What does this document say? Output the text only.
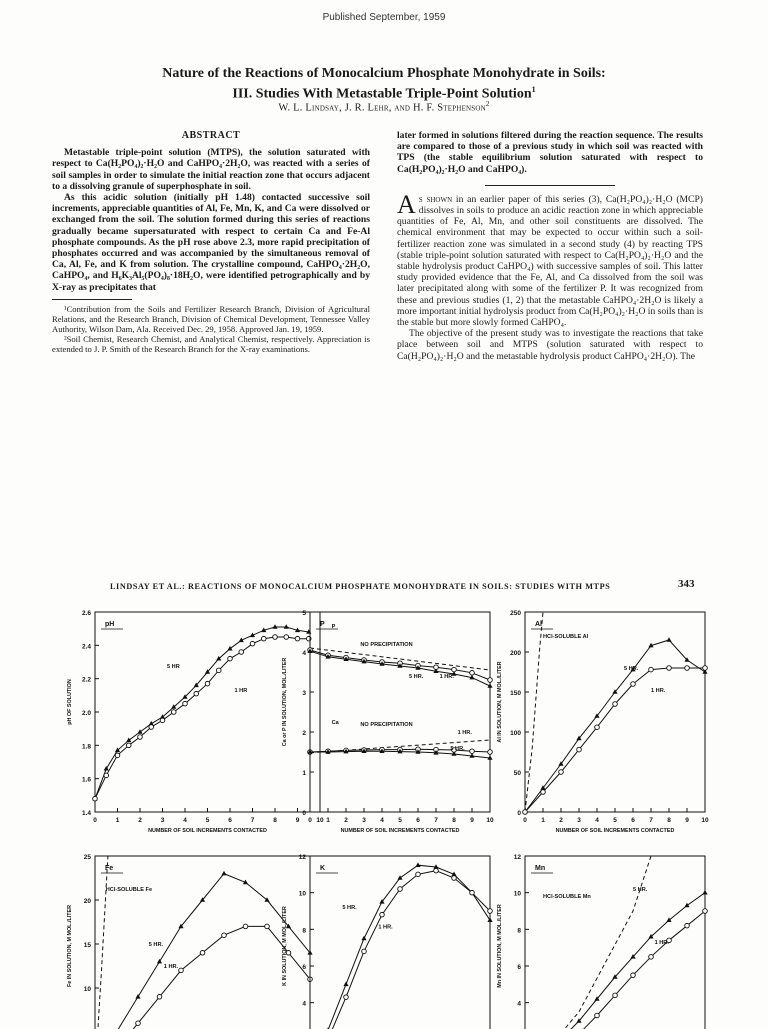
Published September, 1959
Nature of the Reactions of Monocalcium Phosphate Monohydrate in Soils:
III. Studies With Metastable Triple-Point Solution$^1$
W. L. Lindsay, J. R. Lehr, and H. F. Stephenson$^2$

ABSTRACT

Metastable triple-point solution (MTPS), the solution saturated with respect to Ca(H₂PO₄)₂·H₂O and CaHPO₄·2H₂O, was reacted with a series of soil samples in order to simulate the initial reaction zone that occurs adjacent to a dissolving granule of superphosphate in soil.

As this acidic solution (initially pH 1.48) contacted successive soil increments, appreciable quantities of Al, Fe, Mn, K, and Ca were dissolved or exchanged from the soil. The solution formed during this series of reactions gradually became supersaturated with respect to certain Ca and Fe-Al phosphate compounds. As the pH rose above 2.3, more rapid precipitation of phosphates occurred and was accompanied by the simultaneous removal of Ca, Al, Fe, and K from solution. The crystalline compound, CaHPO₄·2H₂O, CaHPO₄, and H₆K₃Al₅(PO₄)₈·18H₂O, were identified petrographically and by X-ray as precipitates that

¹Contribution from the Soils and Fertilizer Research Branch, Division of Agricultural Relations, and the Research Branch, Division of Chemical Development, Tennessee Valley Authority, Wilson Dam, Ala. Received Dec. 29, 1958. Approved Jan. 19, 1959.

²Soil Chemist, Research Chemist, and Analytical Chemist, respectively. Appreciation is extended to J. P. Smith of the Research Branch for the X-ray examinations.

later formed in solutions filtered during the reaction sequence. The results are compared to those of a previous study in which soil was reacted with TPS (the stable equilibrium solution saturated with respect to Ca(H₂PO₄)₂·H₂O and CaHPO₄).

As shown in an earlier paper of this series (3), Ca(H₂PO₄)₂·H₂O (MCP) dissolves in soils to produce an acidic reaction zone in which appreciable quantities of Fe, Al, Mn, and other soil constituents are dissolved. The chemical environment that may be expected to occur within such a soil-fertilizer reaction zone was simulated in a second study (4) by reacting TPS (stable triple-point solution saturated with respect to Ca(H₂PO₄)₂·H₂O and the stable hydrolysis product CaHPO₄) with successive samples of soil. This latter study provided evidence that the Fe, Al, and Ca dissolved from the soil was later precipitated along with some of the fertilizer P. It was recognized from these and previous studies (1, 2) that the metastable CaHPO₄·2H₂O is likely a more important initial hydrolysis product from Ca(H₂PO₄)₂·H₂O in soils than is the stable but more slowly formed CaHPO₄.

The objective of the present study was to investigate the reactions that take place between soil and MTPS (solution saturated with respect to Ca(H₂PO₄)₂·H₂O and the metastable hydrolysis product CaHPO₄·2H₂O). The

LINDSAY ET AL.: REACTIONS OF MONOCALCIUM PHOSPHATE MONOHYDRATE IN SOILS: STUDIES WITH MTPS	343
1.4
1.6
1.8
2.0
2.2
2.4
2.6
0	1	2	3	4	5	6	7	8	9	10
NUMBER OF SOIL INCREMENTS CONTACTED
pH OF SOLUTION
pH
5 HR
1 HR
0
1
2
3
4
5
0 1 2 3 4 5 6 7 8 9 10
NUMBER OF SOIL INCREMENTS CONTACTED
Ca or P IN SOLUTION, MOL./LITER
P P
Ca
NO PRECIPITATION
NO PRECIPITATION
5 HR.	1 HR.
1 HR.
5 HR.
0
50
100
150
200
250
0 1 2 3 4 5 6 7 8 9 10
NUMBER OF SOIL INCREMENTS CONTACTED
Al IN SOLUTION, M MOL./LITER
Al
HCl-SOLUBLE Al
5 HR.
1 HR.
10
15
20
25
Fe IN SOLUTION, M MOL./LITER
Fe
HCl-SOLUBLE Fe
5 HR.
1 HR.
4
6
8
10
12
K IN SOLUTION, M MOL./LITER
K
5 HR.
1 HR.
4
6
8
10
12
Mn IN SOLUTION, M MOL./LITER
Mn
HCl-SOLUBLE Mn
5 HR.
1 HR.
